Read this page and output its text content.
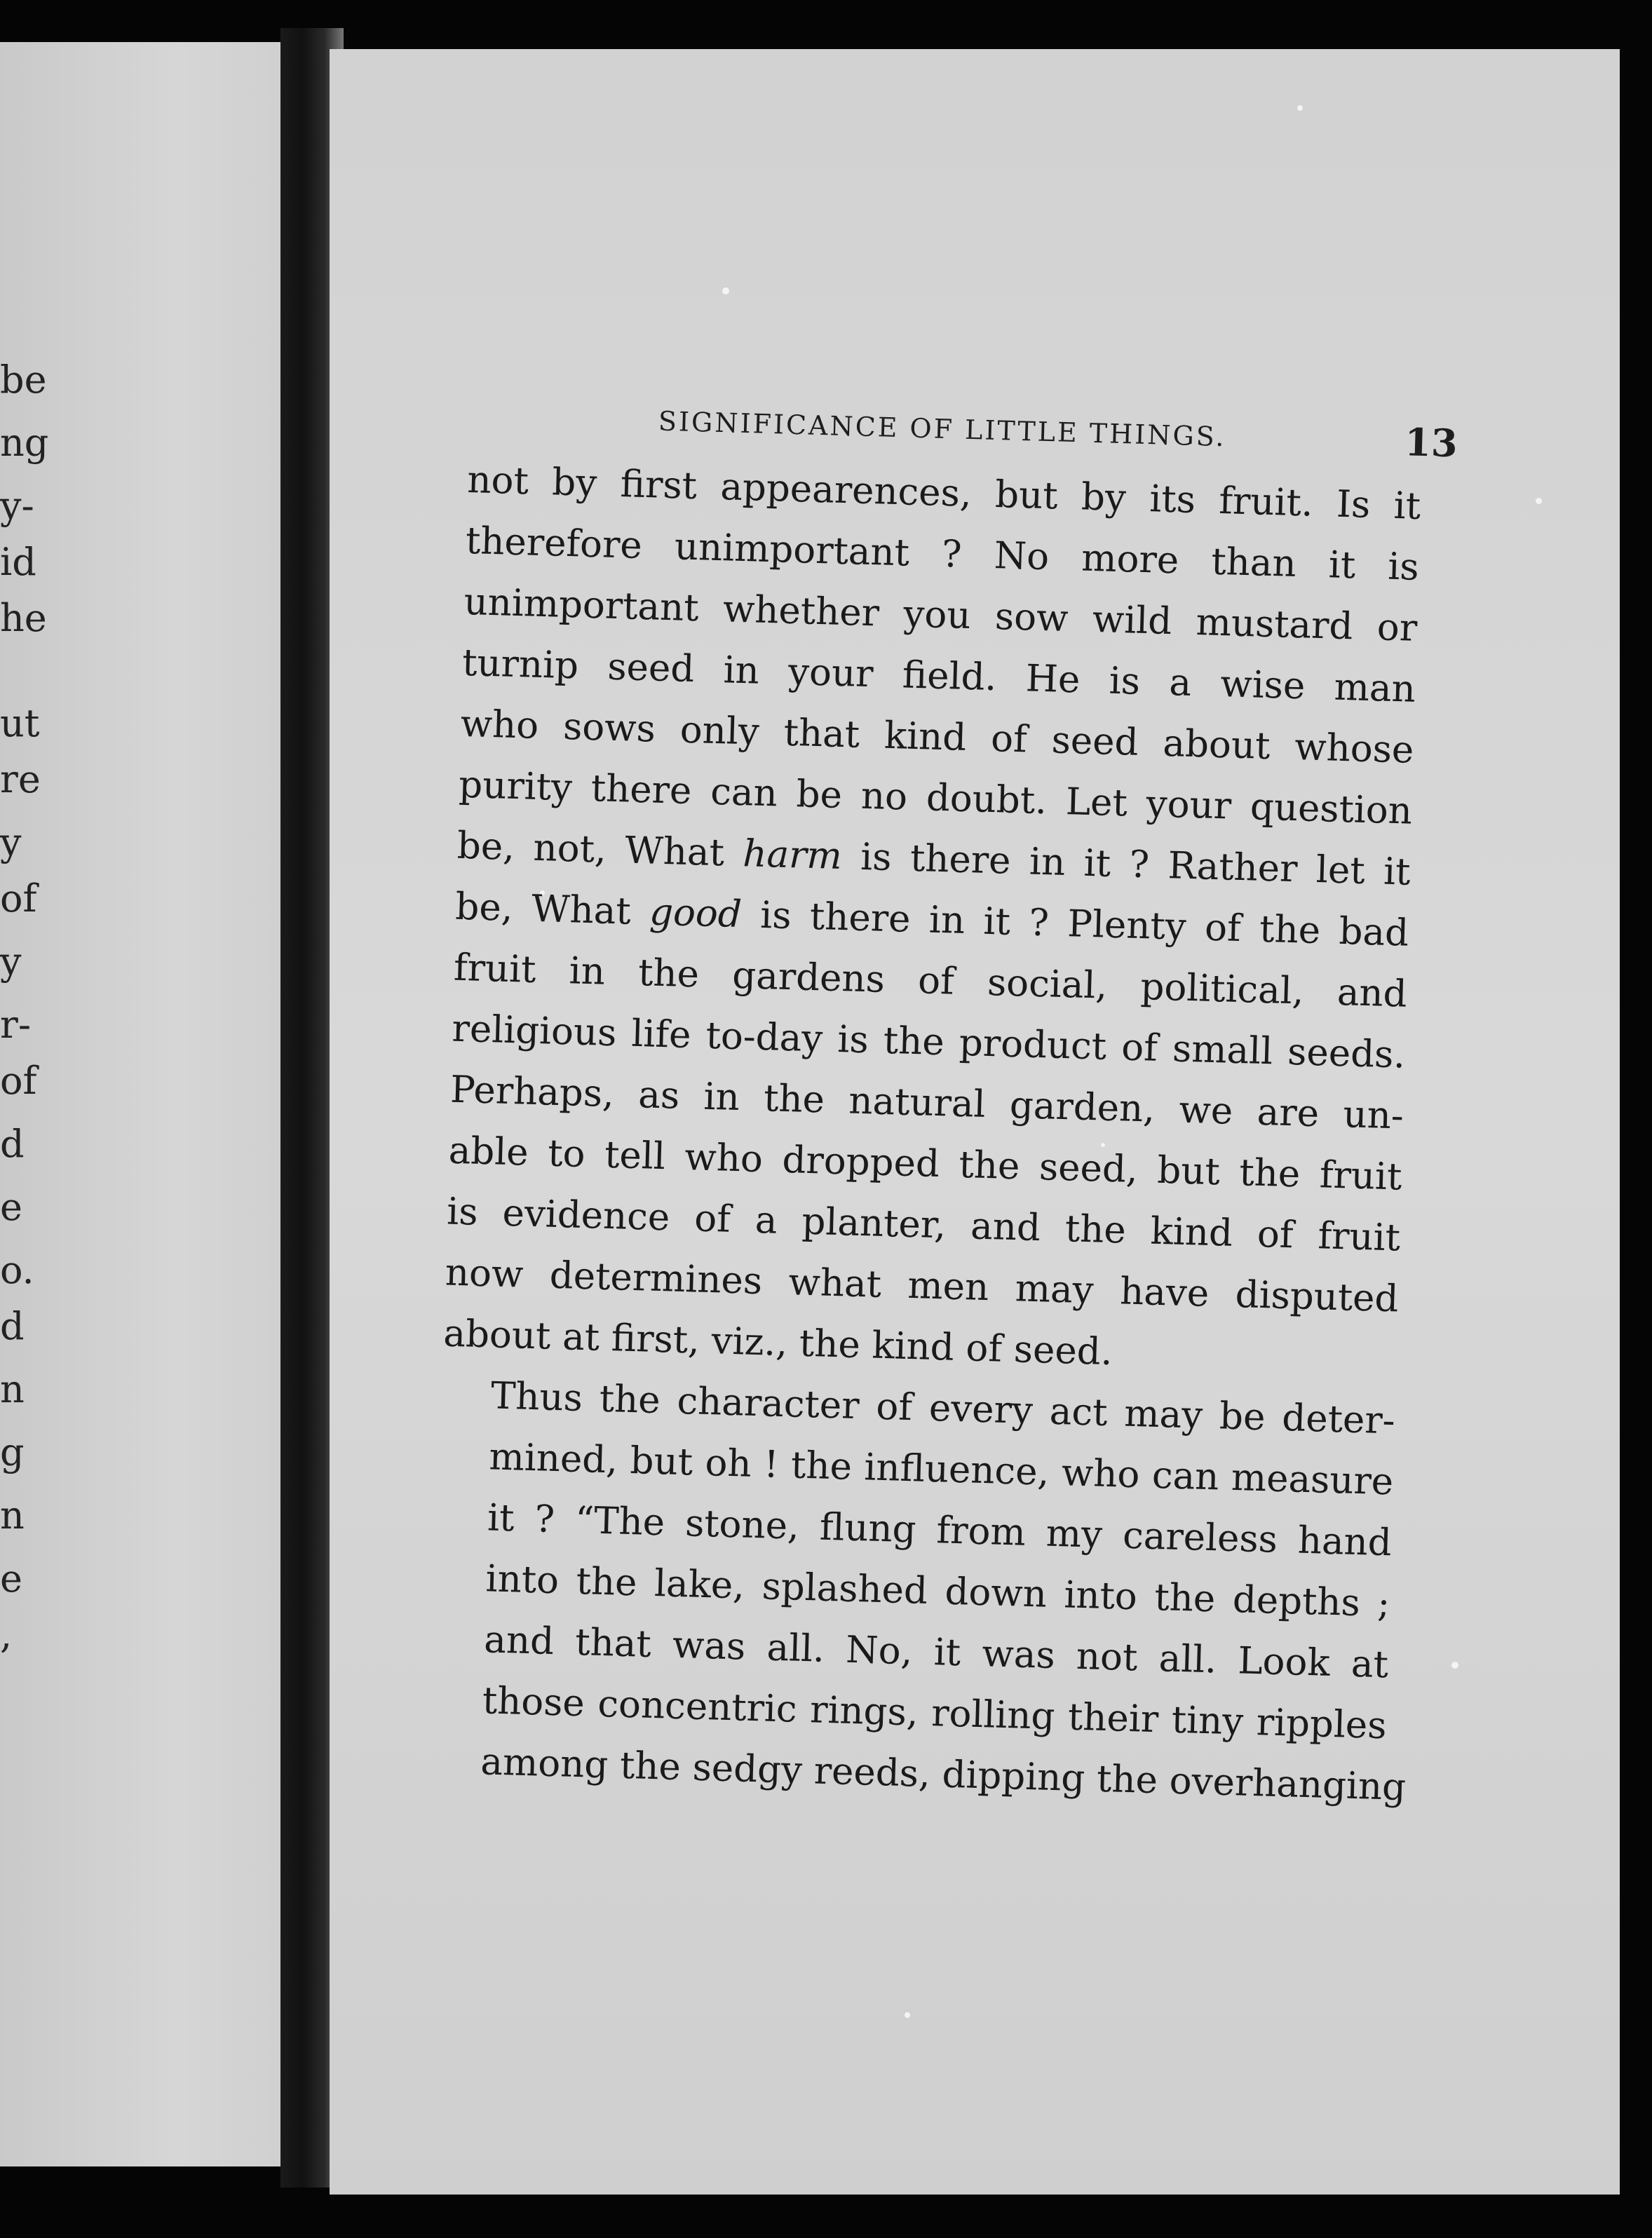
be
ng
y-
id
he
ut
re
y
of
y
r-
of
d
e
o.
d
n
g
n
e
,
SIGNIFICANCE OF LITTLE THINGS.	13

not by first appearences, but by its fruit. Is it
therefore unimportant ? No more than it is
unimportant whether you sow wild mustard or
turnip seed in your field. He is a wise man
who sows only that kind of seed about whose
purity there can be no doubt. Let your question
be, not, What harm is there in it ? Rather let it
be, What good is there in it ? Plenty of the bad
fruit in the gardens of social, political, and
religious life to-day is the product of small seeds.
Perhaps, as in the natural garden, we are un-
able to tell who dropped the seed, but the fruit
is evidence of a planter, and the kind of fruit
now determines what men may have disputed
about at first, viz., the kind of seed.

Thus the character of every act may be deter-
mined, but oh ! the influence, who can measure
it ? “The stone, flung from my careless hand
into the lake, splashed down into the depths ;
and that was all. No, it was not all. Look at
those concentric rings, rolling their tiny ripples
among the sedgy reeds, dipping the overhanging
